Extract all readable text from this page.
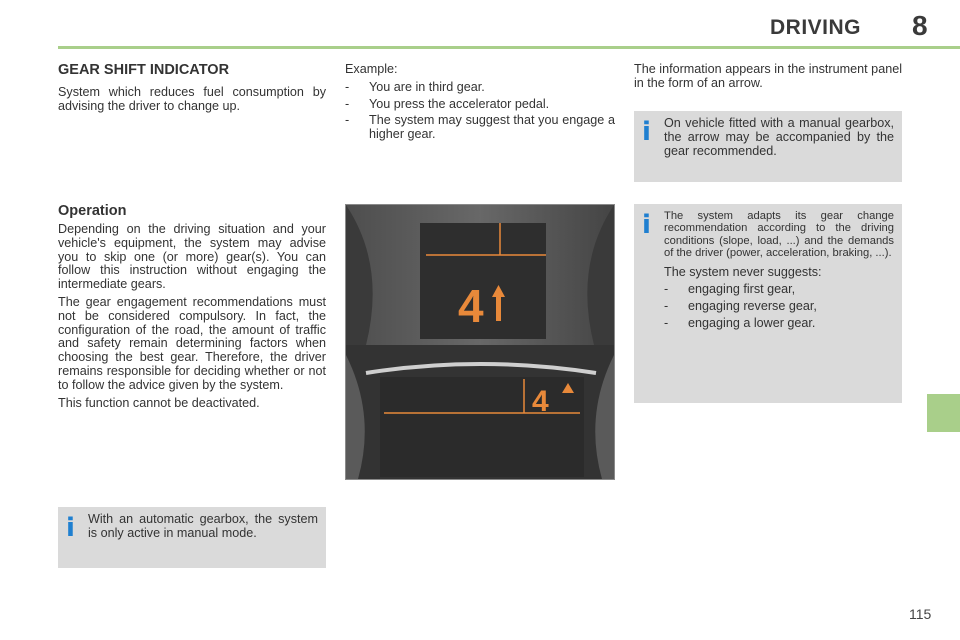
DRIVING 8
GEAR SHIFT INDICATOR

System which reduces fuel consumption by advising the driver to change up.

Operation

Depending on the driving situation and your vehicle's equipment, the system may advise you to skip one (or more) gear(s). You can follow this instruction without engaging the intermediate gears.

The gear engagement recommendations must not be considered compulsory. In fact, the configuration of the road, the amount of traffic and safety remain determining factors when choosing the best gear. Therefore, the driver remains responsible for deciding whether or not to follow the advice given by the system.

This function cannot be deactivated.

i With an automatic gearbox, the system is only active in manual mode.

Example:

- You are in third gear.
- You press the accelerator pedal.
- The system may suggest that you engage a higher gear.
4
4

The information appears in the instrument panel in the form of an arrow.

i On vehicle fitted with a manual gearbox, the arrow may be accompanied by the gear recommended.

i The system adapts its gear change recommendation according to the driving conditions (slope, load, ...) and the demands of the driver (power, acceleration, braking, ...).

The system never suggests:

- engaging first gear,
- engaging reverse gear,
- engaging a lower gear.
115
